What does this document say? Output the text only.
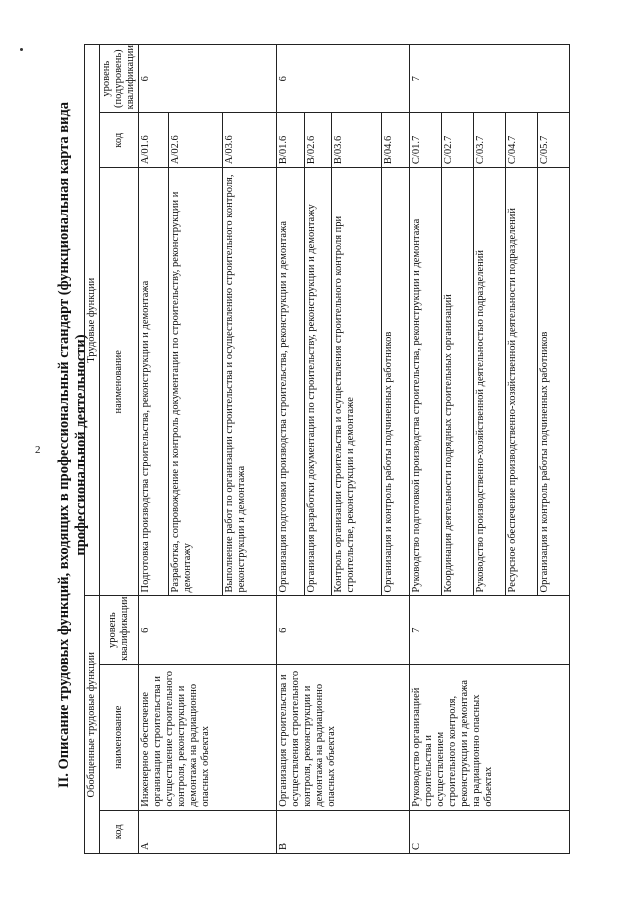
2 II. Описание трудовых функций, входящих в профессиональный стандарт (функциональная карта вида профессиональной деятельности)
Обобщенные трудовые функции			Трудовые функции		
код	наименование	уровень квалификации	наименование	код	уровень (подуровень) квалификации
A	Инженерное обеспечение организации строительства и осуществление строительного контроля, реконструкции и демонтажа на радиационно опасных объектах	6	Подготовка производства строительства, реконструкции и демонтажа	A/01.6	6
			Разработка, сопровождение и контроль документации по строительству, реконструкции и демонтажу	A/02.6	
			Выполнение работ по организации строительства и осуществлению строительного контроля, реконструкции и демонтажа	A/03.6	
B	Организация строительства и осуществления строительного контроля, реконструкции и демонтажа на радиационно опасных объектах	6	Организация подготовки производства строительства, реконструкции и демонтажа	B/01.6	6
			Организация разработки документации по строительству, реконструкции и демонтажу	B/02.6	
			Контроль организации строительства и осуществления строительного контроля при строительстве, реконструкции и демонтаже	B/03.6	
			Организация и контроль работы подчиненных работников	B/04.6	
C	Руководство организацией строительства и осуществлением строительного контроля, реконструкции и демонтажа на радиационно опасных объектах	7	Руководство подготовкой производства строительства, реконструкции и демонтажа	C/01.7	7
			Координация деятельности подрядных строительных организаций	C/02.7	
			Руководство производственно-хозяйственной деятельностью подразделений	C/03.7	
			Ресурсное обеспечение производственно-хозяйственной деятельности подразделений	C/04.7	
			Организация и контроль работы подчиненных работников	C/05.7	
